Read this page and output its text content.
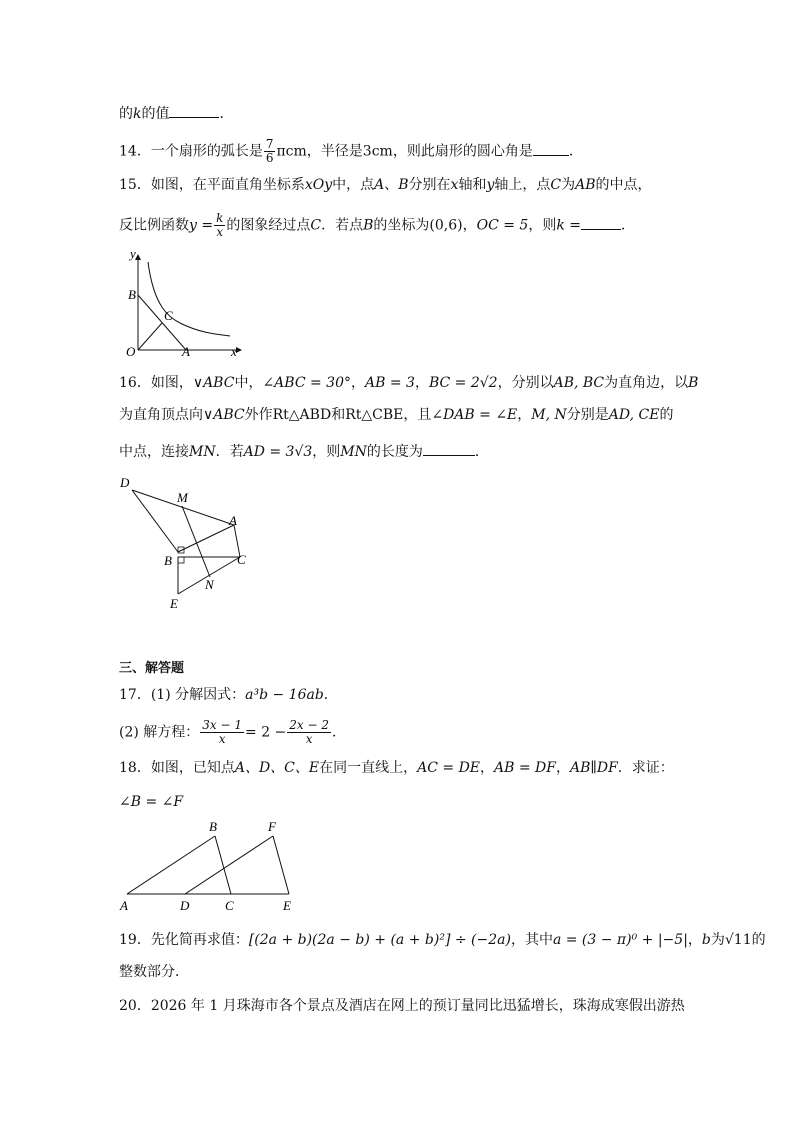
的k的值	．
14．一个扇形的弧长是 $\frac{7}{6}$ πcm，半径是3cm，则此扇形的圆心角是	．
15．如图，在平面直角坐标系xOy中，点A、B分别在x轴和y轴上，点C为AB的中点，
反比例函数$y = \frac{k}{x}$ 的图象经过点C．若点B的坐标为(0,6)，OC = 5，则k =	．
y
x
B
C
O	A
16．如图，∨ABC中，∠ABC = 30°，AB = 3，BC = 2√2，分别以AB, BC为直角边，以B
为直角顶点向∨ABC外作Rt△ABD和Rt△CBE，且∠DAB = ∠E，M, N分别是AD, CE的
中点，连接MN．若AD = 3√3，则MN的长度为	．
D
M
A
B	C
N
E
三、解答题
17．(1) 分解因式：a³b − 16ab．
(2) 解方程： $\frac{3x - 1}{x} = 2 - \frac{2x - 2}{x}$ ．
18．如图，已知点A、D、C、E在同一直线上，AC = DE，AB = DF，AB∥DF．求证：
∠B = ∠F
A
B
C
D	E
F
19．先化简再求值：[(2a + b)(2a − b) + (a + b)²] ÷ (−2a)，其中a = (3 − π)⁰ + |−5|，b为√11的
整数部分．
20．2026 年 1 月珠海市各个景点及酒店在网上的预订量同比迅猛增长，珠海成寒假出游热
